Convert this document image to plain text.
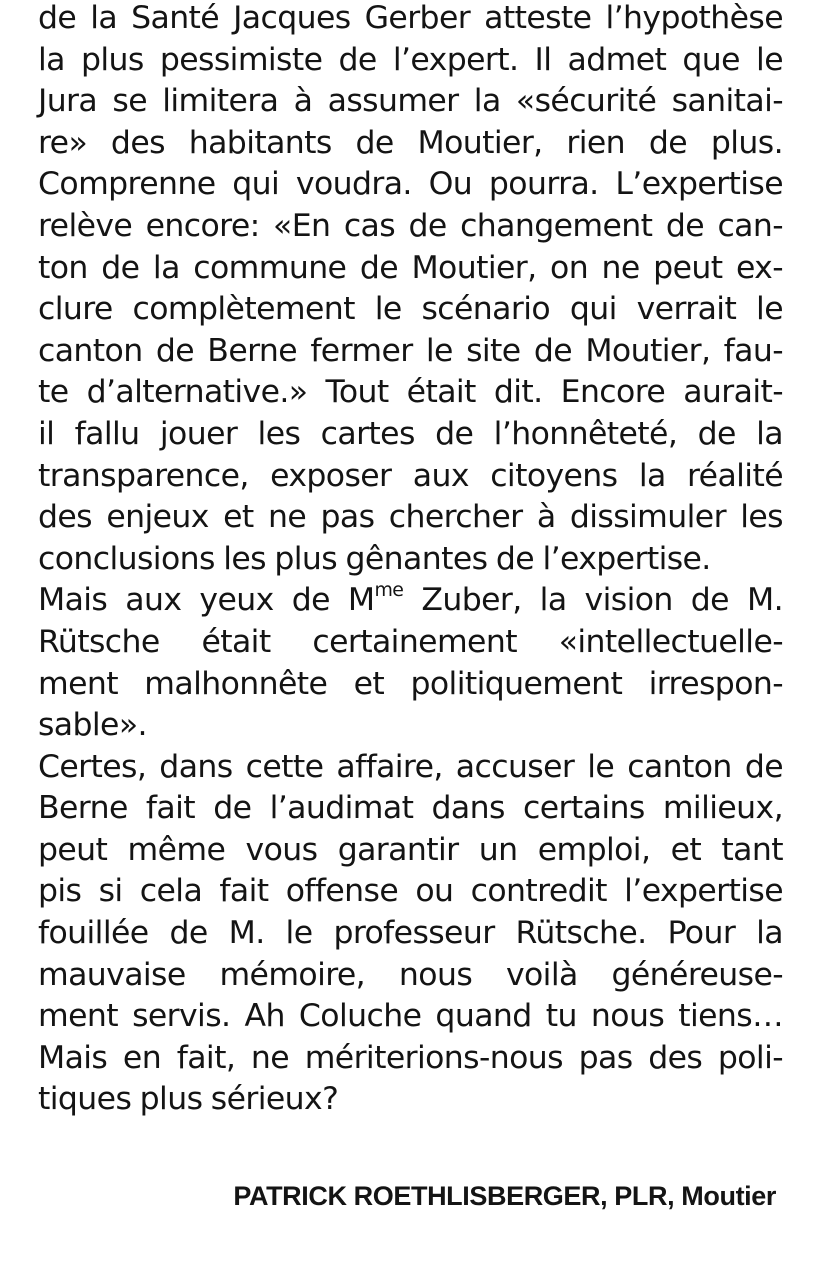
de la Santé Jacques Gerber atteste l’hypothèse
la plus pessimiste de l’expert. Il admet que le
Jura se limitera à assumer la «sécurité sanitai-
re» des habitants de Moutier, rien de plus.
Comprenne qui voudra. Ou pourra. L’expertise
relève encore: «En cas de changement de can-
ton de la commune de Moutier, on ne peut ex-
clure complètement le scénario qui verrait le
canton de Berne fermer le site de Moutier, fau-
te d’alternative.» Tout était dit. Encore aurait-
il fallu jouer les cartes de l’honnêteté, de la
transparence, exposer aux citoyens la réalité
des enjeux et ne pas chercher à dissimuler les
conclusions les plus gênantes de l’expertise.
Mais aux yeux de $M^{me}$ Zuber, la vision de M.
Rütsche était certainement «intellectuelle-
ment malhonnête et politiquement irrespon-
sable».
Certes, dans cette affaire, accuser le canton de
Berne fait de l’audimat dans certains milieux,
peut même vous garantir un emploi, et tant
pis si cela fait offense ou contredit l’expertise
fouillée de M. le professeur Rütsche. Pour la
mauvaise mémoire, nous voilà généreuse-
ment servis. Ah Coluche quand tu nous tiens…
Mais en fait, ne mériterions-nous pas des poli-
tiques plus sérieux?
PATRICK ROETHLISBERGER, PLR, Moutier
